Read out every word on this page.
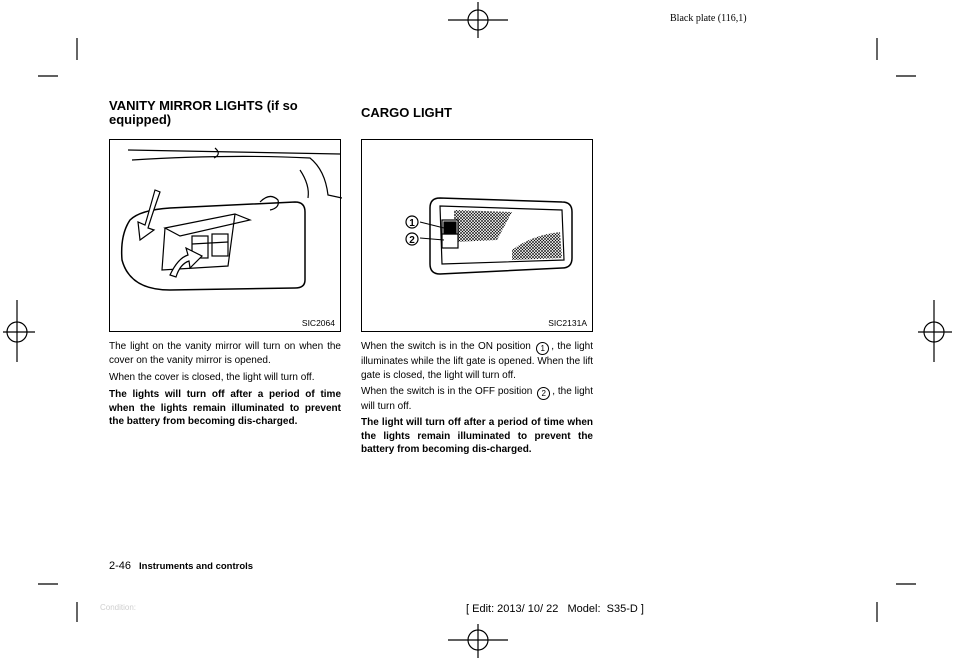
Black plate (116,1)
VANITY MIRROR LIGHTS (if so equipped)
SIC2064
The light on the vanity mirror will turn on when the cover on the vanity mirror is opened.
When the cover is closed, the light will turn off.
The lights will turn off after a period of time when the lights remain illuminated to prevent the battery from becoming dis-charged.
CARGO LIGHT
1
2
SIC2131A
When the switch is in the ON position 1 , the light illuminates while the lift gate is opened. When the lift gate is closed, the light will turn off.
When the switch is in the OFF position 2 , the light will turn off.
The light will turn off after a period of time when the lights remain illuminated to prevent the battery from becoming dis-charged.
2-46 Instruments and controls
Condition:	[ Edit: 2013/ 10/ 22   Model:  S35-D ]
